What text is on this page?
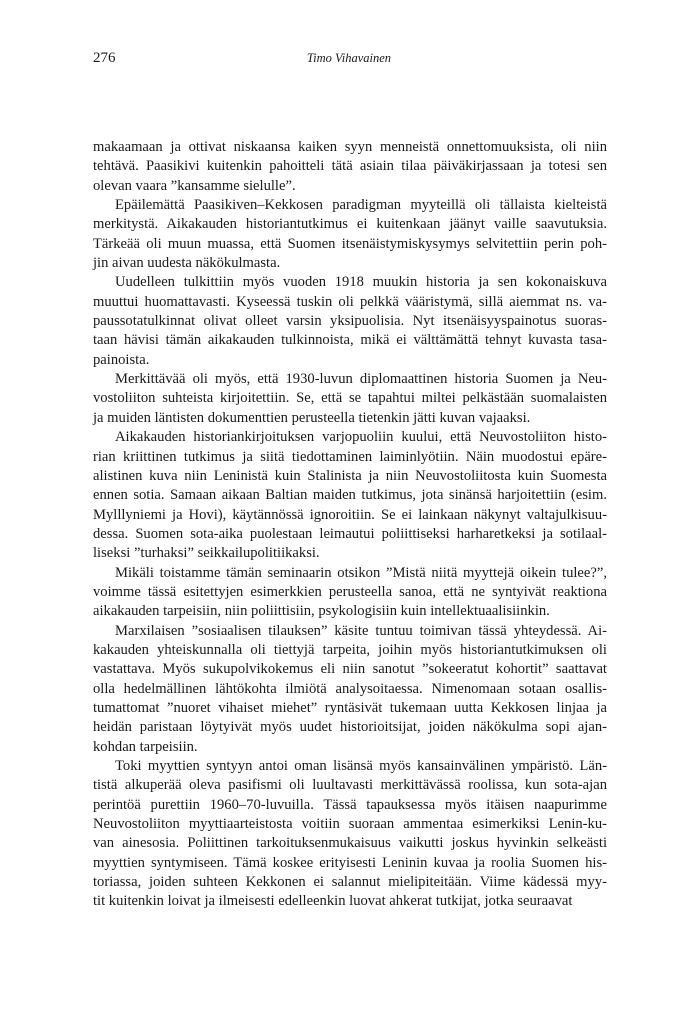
276	Timo Vihavainen

makaamaan ja ottivat niskaansa kaiken syyn menneistä onnettomuuksista, oli niin
tehtävä. Paasikivi kuitenkin pahoitteli tätä asiain tilaa päiväkirjassaan ja totesi sen
olevan vaara ”kansamme sielulle”.

Epäilemättä Paasikiven–Kekkosen paradigman myyteillä oli tällaista kielteistä
merkitystä. Aikakauden historiantutkimus ei kuitenkaan jäänyt vaille saavutuksia.
Tärkeää oli muun muassa, että Suomen itsenäistymiskysymys selvitettiin perin poh-
jin aivan uudesta näkökulmasta.

Uudelleen tulkittiin myös vuoden 1918 muukin historia ja sen kokonaiskuva
muuttui huomattavasti. Kyseessä tuskin oli pelkkä vääristymä, sillä aiemmat ns. va-
paussotatulkinnat olivat olleet varsin yksipuolisia. Nyt itsenäisyyspainotus suoras-
taan hävisi tämän aikakauden tulkinnoista, mikä ei välttämättä tehnyt kuvasta tasa-
painoista.

Merkittävää oli myös, että 1930-luvun diplomaattinen historia Suomen ja Neu-
vostoliiton suhteista kirjoitettiin. Se, että se tapahtui miltei pelkästään suomalaisten
ja muiden läntisten dokumenttien perusteella tietenkin jätti kuvan vajaaksi.

Aikakauden historiankirjoituksen varjopuoliin kuului, että Neuvostoliiton histo-
rian kriittinen tutkimus ja siitä tiedottaminen laiminlyötiin. Näin muodostui epäre-
alistinen kuva niin Leninistä kuin Stalinista ja niin Neuvostoliitosta kuin Suomesta
ennen sotia. Samaan aikaan Baltian maiden tutkimus, jota sinänsä harjoitettiin (esim.
Mylllyniemi ja Hovi), käytännössä ignoroitiin. Se ei lainkaan näkynyt valtajulkisuu-
dessa. Suomen sota-aika puolestaan leimautui poliittiseksi harharetkeksi ja sotilaal-
liseksi ”turhaksi” seikkailupolitiikaksi.

Mikäli toistamme tämän seminaarin otsikon ”Mistä niitä myyttejä oikein tulee?”,
voimme tässä esitettyjen esimerkkien perusteella sanoa, että ne syntyivät reaktiona
aikakauden tarpeisiin, niin poliittisiin, psykologisiin kuin intellektuaalisiinkin.

Marxilaisen ”sosiaalisen tilauksen” käsite tuntuu toimivan tässä yhteydessä. Ai-
kakauden yhteiskunnalla oli tiettyjä tarpeita, joihin myös historiantutkimuksen oli
vastattava. Myös sukupolvikokemus eli niin sanotut ”sokeeratut kohortit” saattavat
olla hedelmällinen lähtökohta ilmiötä analysoitaessa. Nimenomaan sotaan osallis-
tumattomat ”nuoret vihaiset miehet” ryntäsivät tukemaan uutta Kekkosen linjaa ja
heidän paristaan löytyivät myös uudet historioitsijat, joiden näkökulma sopi ajan-
kohdan tarpeisiin.

Toki myyttien syntyyn antoi oman lisänsä myös kansainvälinen ympäristö. Län-
tistä alkuperää oleva pasifismi oli luultavasti merkittävässä roolissa, kun sota-ajan
perintöä purettiin 1960–70-luvuilla. Tässä tapauksessa myös itäisen naapurimme
Neuvostoliiton myyttiaarteistosta voitiin suoraan ammentaa esimerkiksi Lenin-ku-
van ainesosia. Poliittinen tarkoituksenmukaisuus vaikutti joskus hyvinkin selkeästi
myyttien syntymiseen. Tämä koskee erityisesti Leninin kuvaa ja roolia Suomen his-
toriassa, joiden suhteen Kekkonen ei salannut mielipiteitään. Viime kädessä myy-
tit kuitenkin loivat ja ilmeisesti edelleenkin luovat ahkerat tutkijat, jotka seuraavat
